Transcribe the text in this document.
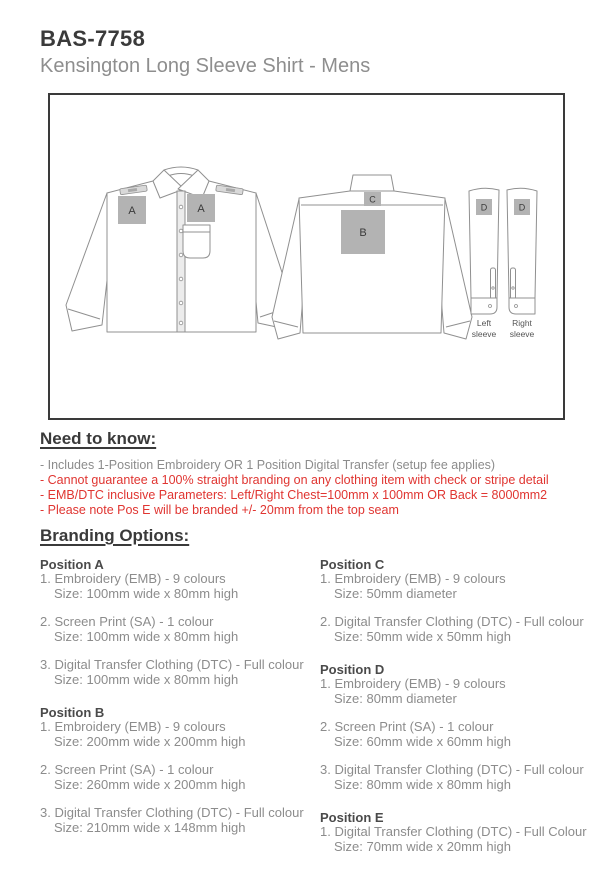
BAS-7758
Kensington Long Sleeve Shirt - Mens
A	A
C
B
D
Left
sleeve
D
Right
sleeve
Need to know:
- Includes 1-Position Embroidery OR 1 Position Digital Transfer (setup fee applies)
- Cannot guarantee a 100% straight branding on any clothing item with check or stripe detail
- EMB/DTC inclusive Parameters: Left/Right Chest=100mm x 100mm OR Back = 8000mm2
- Please note Pos E will be branded +/- 20mm from the top seam
Branding Options:
Position A
1. Embroidery (EMB) - 9 colours
Size: 100mm wide x 80mm high
2. Screen Print (SA) - 1 colour
Size: 100mm wide x 80mm high
3. Digital Transfer Clothing (DTC) - Full colour
Size: 100mm wide x 80mm high
Position B
1. Embroidery (EMB) - 9 colours
Size: 200mm wide x 200mm high
2. Screen Print (SA) - 1 colour
Size: 260mm wide x 200mm high
3. Digital Transfer Clothing (DTC) - Full colour
Size: 210mm wide x 148mm high
Position C
1. Embroidery (EMB) - 9 colours
Size: 50mm diameter
2. Digital Transfer Clothing (DTC) - Full colour
Size: 50mm wide x 50mm high
Position D
1. Embroidery (EMB) - 9 colours
Size: 80mm diameter
2. Screen Print (SA) - 1 colour
Size: 60mm wide x 60mm high
3. Digital Transfer Clothing (DTC) - Full colour
Size: 80mm wide x 80mm high
Position E
1. Digital Transfer Clothing (DTC) - Full Colour
Size: 70mm wide x 20mm high
